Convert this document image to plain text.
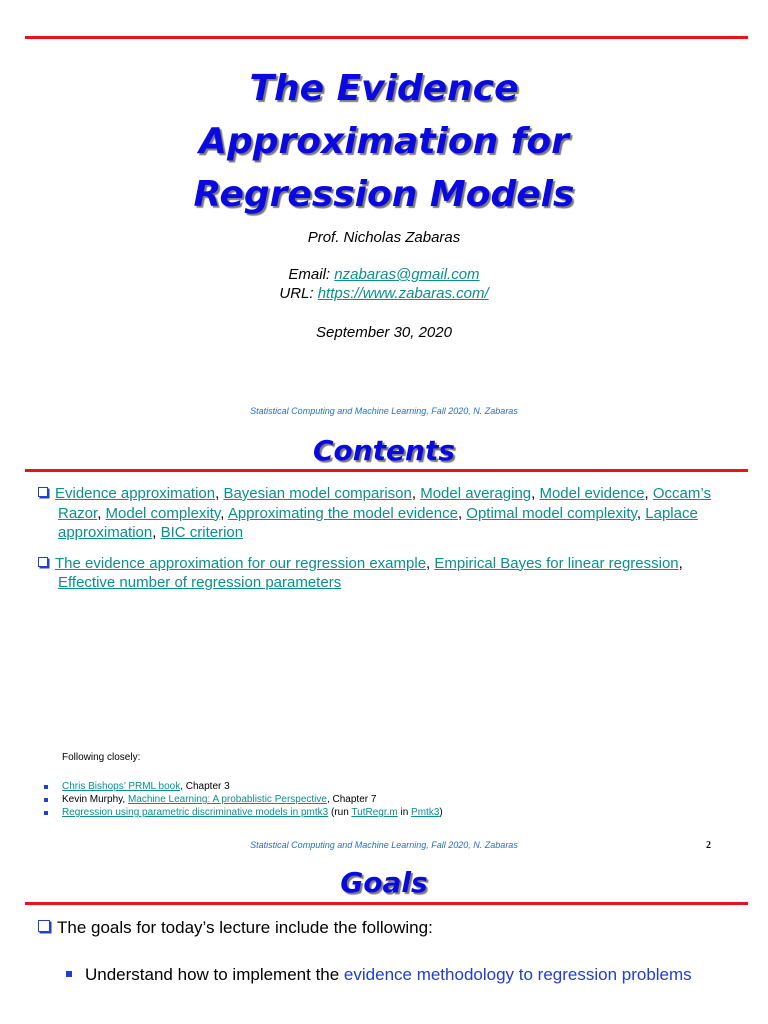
The Evidence
Approximation for
Regression Models
Prof. Nicholas Zabaras
Email: nzabaras@gmail.com
URL: https://www.zabaras.com/
September 30, 2020
Statistical Computing and Machine Learning, Fall 2020, N. Zabaras
Contents
Evidence approximation, Bayesian model comparison, Model averaging, Model evidence, Occam’s Razor, Model complexity, Approximating the model evidence, Optimal model complexity, Laplace approximation, BIC criterion
The evidence approximation for our regression example, Empirical Bayes for linear regression, Effective number of regression parameters
Following closely:
Chris Bishops’ PRML book, Chapter 3
Kevin Murphy, Machine Learning: A probablistic Perspective, Chapter 7
Regression using parametric discriminative models in pmtk3 (run TutRegr.m in Pmtk3)
Statistical Computing and Machine Learning, Fall 2020, N. Zabaras	2
Goals
The goals for today’s lecture include the following:
Understand how to implement the evidence methodology to regression problems
